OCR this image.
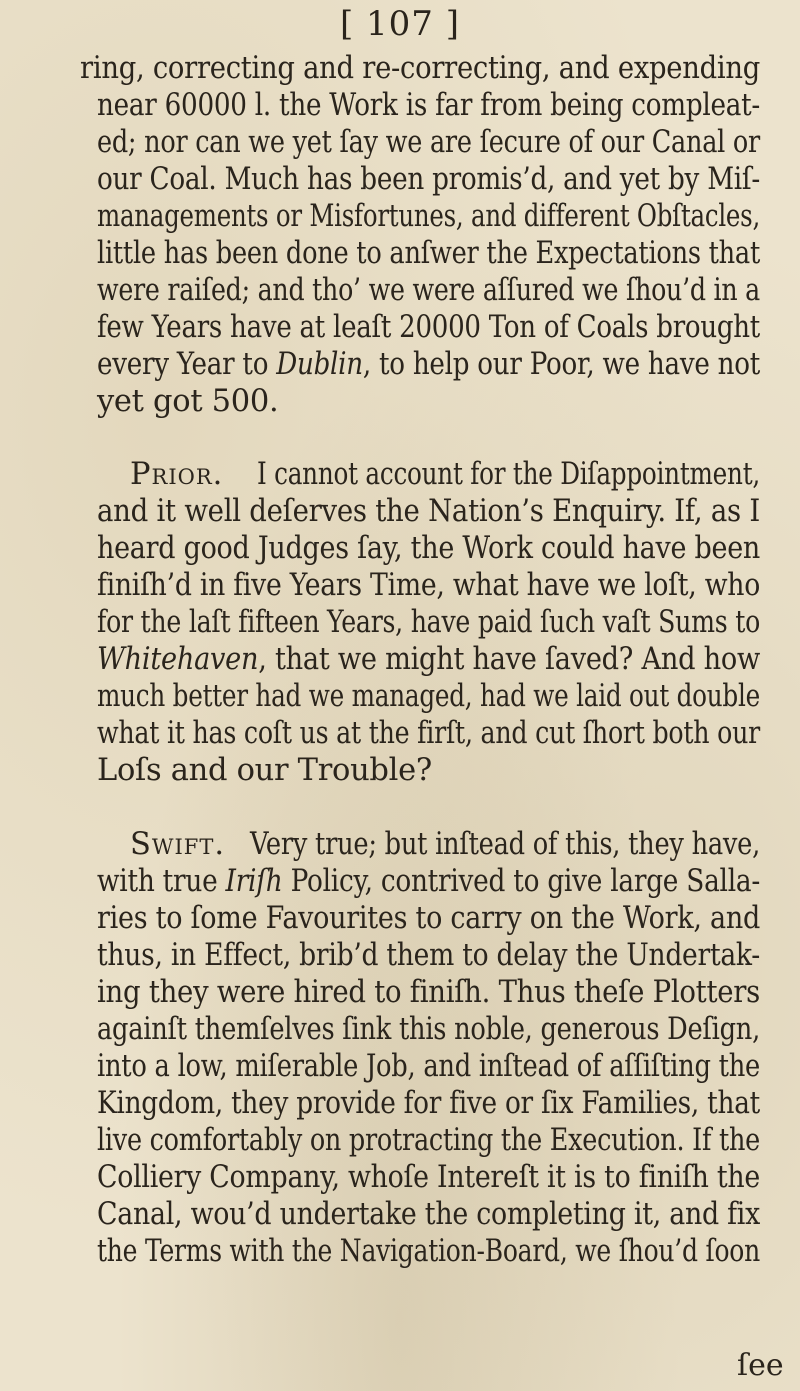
[ 107 ]
ring, correcting and re-correcting, and expending
near 60000 l. the Work is far from being compleat-
ed; nor can we yet ſay we are ſecure of our Canal or
our Coal. Much has been promis’d, and yet by Miſ-
managements or Misfortunes, and different Obſtacles,
little has been done to anſwer the Expectations that
were raiſed; and tho’ we were aſſured we ſhou’d in a
few Years have at leaſt 20000 Ton of Coals brought
every Year to Dublin, to help our Poor, we have not
yet got 500.
Prior. I cannot account for the Diſappointment,
and it well deſerves the Nation’s Enquiry. If, as I
heard good Judges ſay, the Work could have been
finiſh’d in five Years Time, what have we loſt, who
for the laſt fifteen Years, have paid ſuch vaſt Sums to
Whitehaven, that we might have ſaved? And how
much better had we managed, had we laid out double
what it has coſt us at the firſt, and cut ſhort both our
Loſs and our Trouble?
Swift. Very true; but inſtead of this, they have,
with true Iriſh Policy, contrived to give large Salla-
ries to ſome Favourites to carry on the Work, and
thus, in Effect, brib’d them to delay the Undertak-
ing they were hired to finiſh. Thus theſe Plotters
againſt themſelves ſink this noble, generous Deſign,
into a low, miſerable Job, and inſtead of aſſiſting the
Kingdom, they provide for five or ſix Families, that
live comfortably on protracting the Execution. If the
Colliery Company, whoſe Intereſt it is to finiſh the
Canal, wou’d undertake the completing it, and fix
the Terms with the Navigation-Board, we ſhou’d ſoon
ſee
